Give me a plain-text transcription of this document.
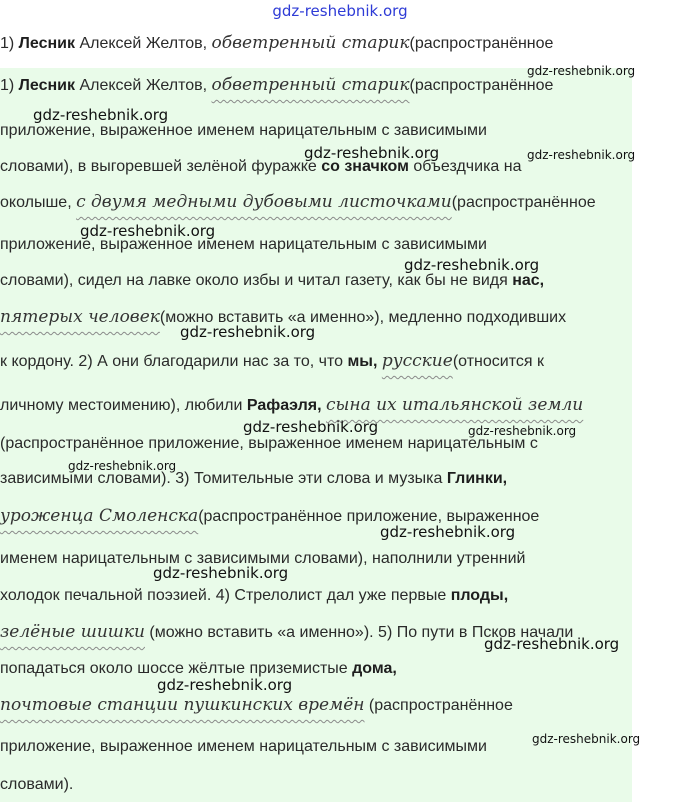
gdz-reshebnik.org
1) Лесник Алексей Желтов, обветренный старик(распространённое
1) Лесник Алексей Желтов, обветренный старик(распространённое
приложение, выраженное именем нарицательным с зависимыми
словами), в выгоревшей зелёной фуражке со значком объездчика на
околыше, с двумя медными дубовыми листочками(распространённое
приложение, выраженное именем нарицательным с зависимыми
словами), сидел на лавке около избы и читал газету, как бы не видя нас,
пятерых человек(можно вставить «а именно»), медленно подходивших
к кордону. 2) А они благодарили нас за то, что мы, русские(относится к
личному местоимению), любили Рафаэля, сына их итальянской земли
(распространённое приложение, выраженное именем нарицательным с
зависимыми словами). 3) Томительные эти слова и музыка Глинки,
уроженца Смоленска(распространённое приложение, выраженное
именем нарицательным с зависимыми словами), наполнили утренний
холодок печальной поэзией. 4) Стрелолист дал уже первые плоды,
зелёные шишки (можно вставить «а именно»). 5) По пути в Псков начали
попадаться около шоссе жёлтые приземистые дома,
почтовые станции пушкинских времён (распространённое
приложение, выраженное именем нарицательным с зависимыми
словами).
gdz-reshebnik.org
gdz-reshebnik.org
gdz-reshebnik.org	gdz-reshebnik.org
gdz-reshebnik.org
gdz-reshebnik.org
gdz-reshebnik.org
gdz-reshebnik.org	gdz-reshebnik.org
gdz-reshebnik.org
gdz-reshebnik.org
gdz-reshebnik.org
gdz-reshebnik.org
gdz-reshebnik.org
gdz-reshebnik.org
